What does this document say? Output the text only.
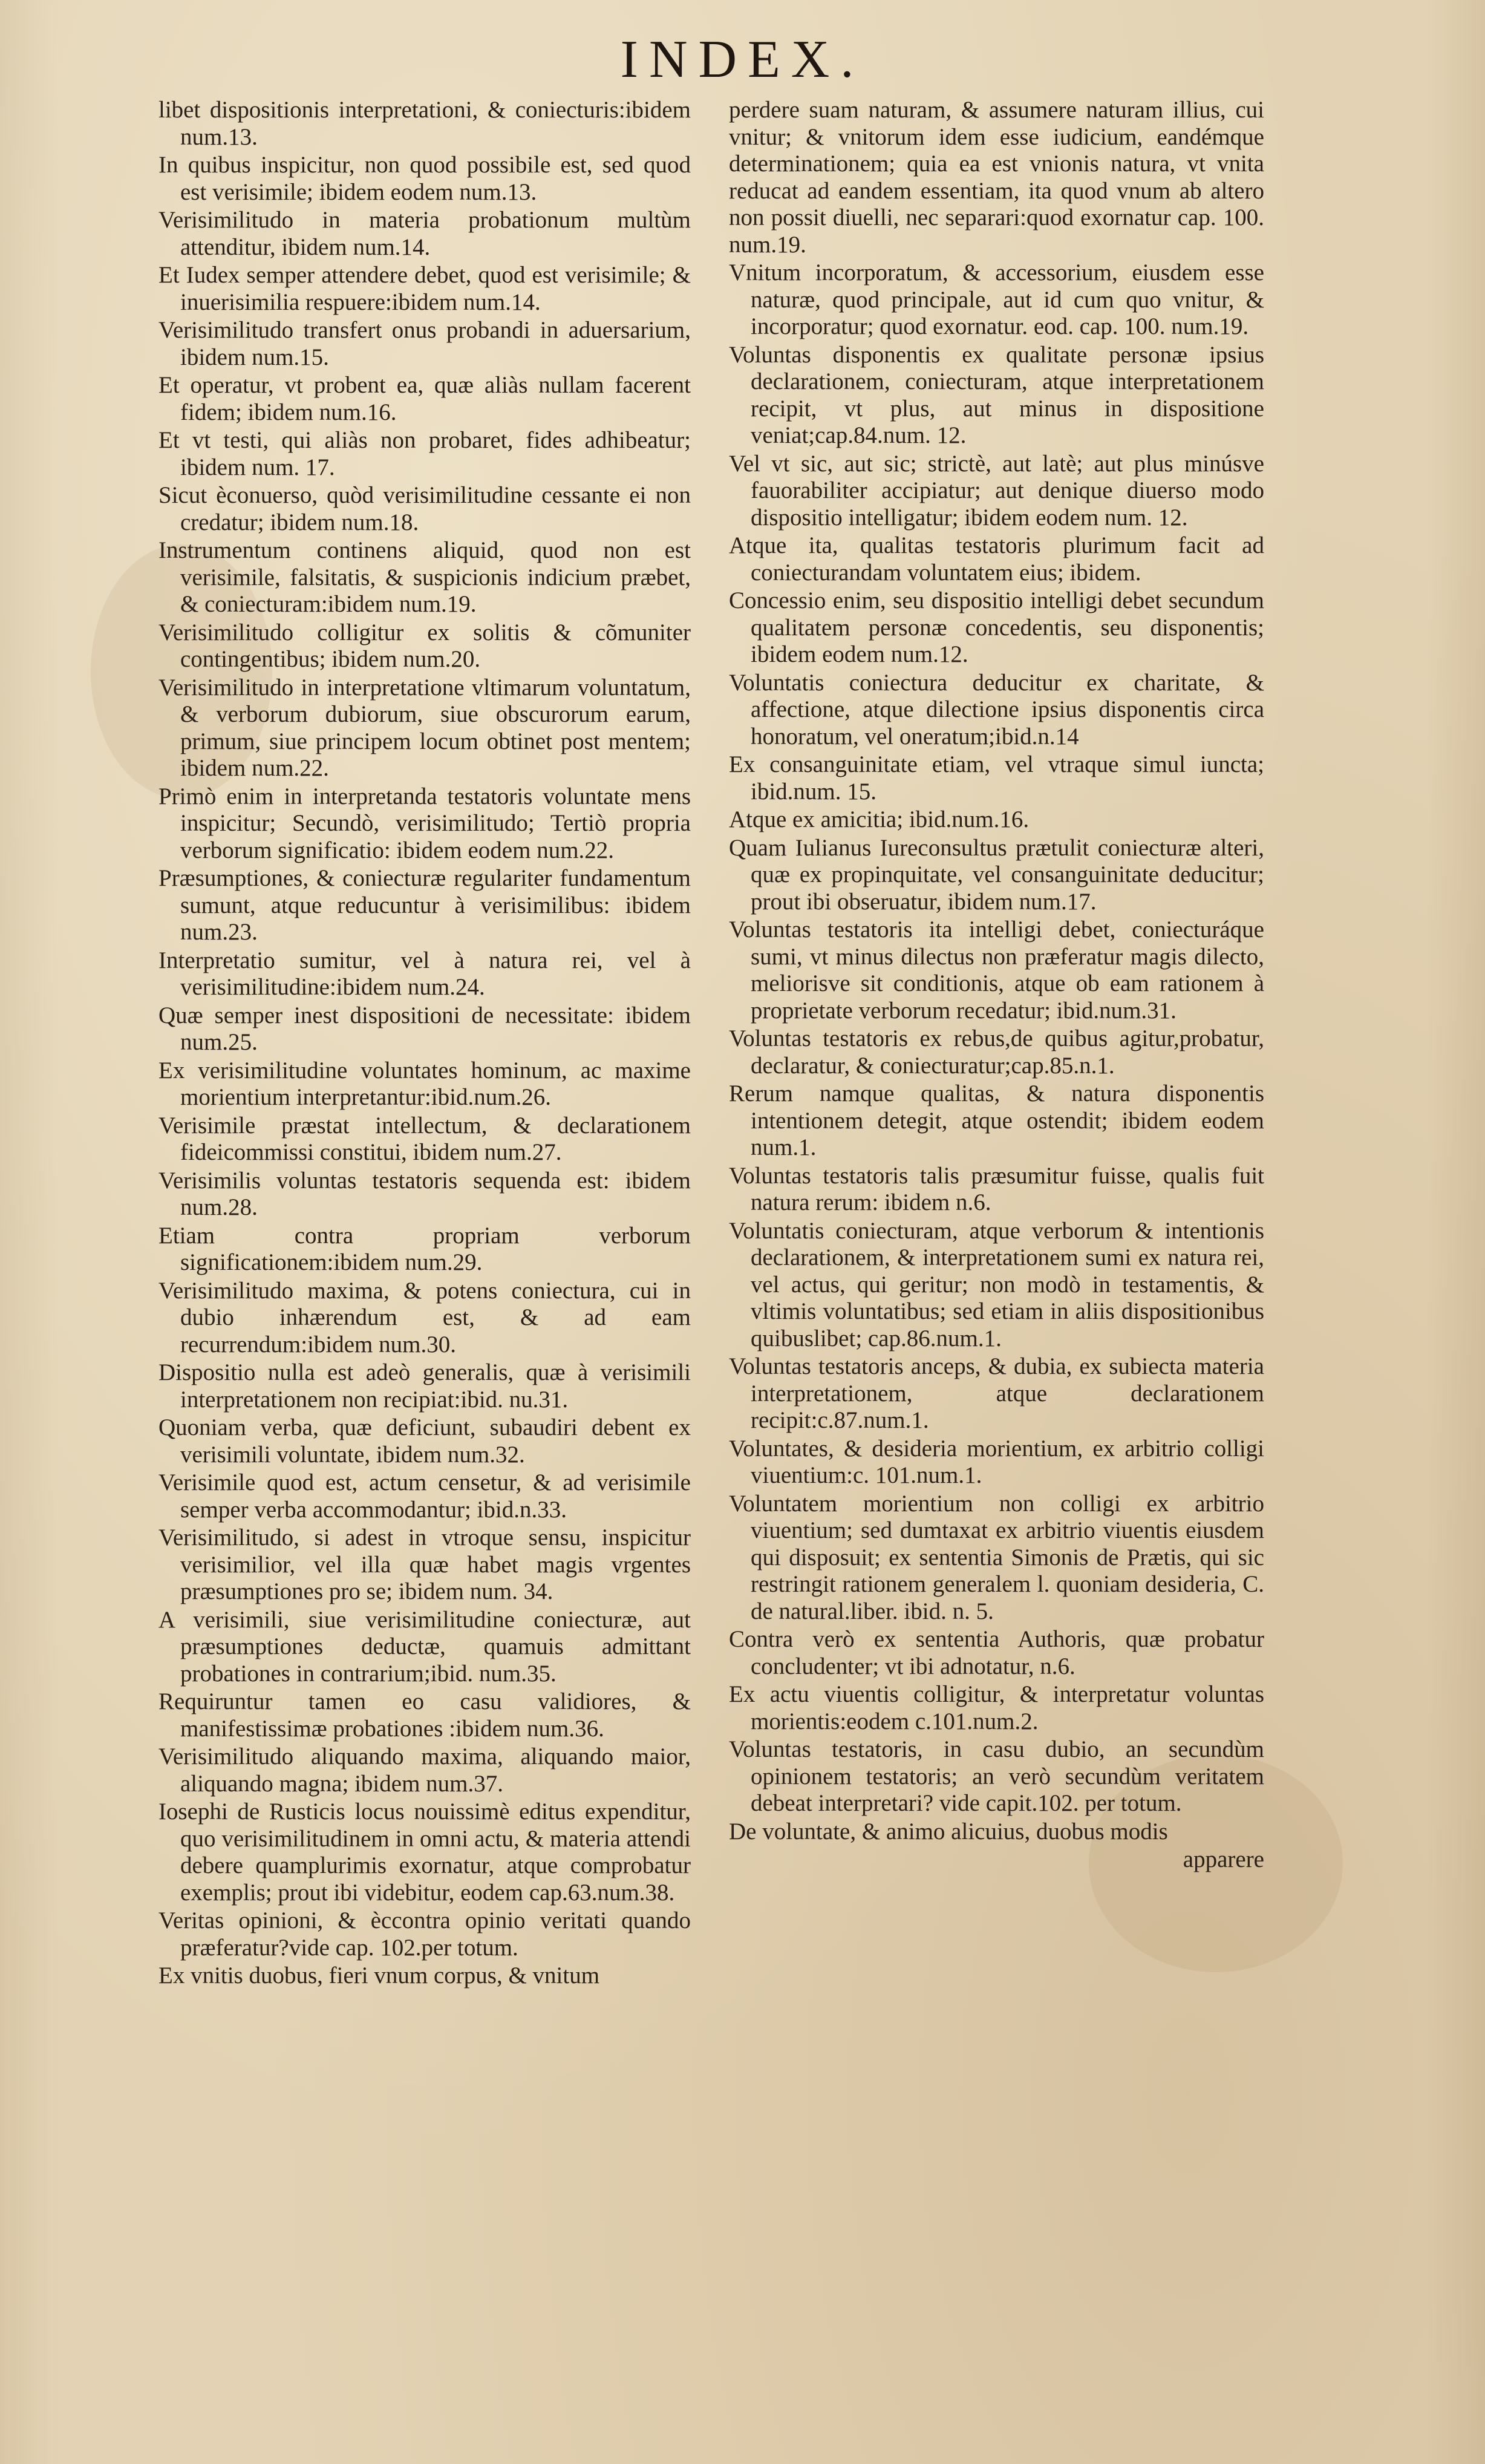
INDEX.

libet dispositionis interpretationi, & coniecturis:ibidem num.13.

In quibus inspicitur, non quod possibile est, sed quod est verisimile; ibidem eodem num.13.

Verisimilitudo in materia probationum multùm attenditur, ibidem num.14.

Et Iudex semper attendere debet, quod est verisimile; & inuerisimilia respuere:ibidem num.14.

Verisimilitudo transfert onus probandi in aduersarium, ibidem num.15.

Et operatur, vt probent ea, quæ aliàs nullam facerent fidem; ibidem num.16.

Et vt testi, qui aliàs non probaret, fides adhibeatur; ibidem num. 17.

Sicut èconuerso, quòd verisimilitudine cessante ei non credatur; ibidem num.18.

Instrumentum continens aliquid, quod non est verisimile, falsitatis, & suspicionis indicium præbet, & coniecturam:ibidem num.19.

Verisimilitudo colligitur ex solitis & cõmuniter contingentibus; ibidem num.20.

Verisimilitudo in interpretatione vltimarum voluntatum, & verborum dubiorum, siue obscurorum earum, primum, siue principem locum obtinet post mentem; ibidem num.22.

Primò enim in interpretanda testatoris voluntate mens inspicitur; Secundò, verisimilitudo; Tertiò propria verborum significatio: ibidem eodem num.22.

Præsumptiones, & coniecturæ regulariter fundamentum sumunt, atque reducuntur à verisimilibus: ibidem num.23.

Interpretatio sumitur, vel à natura rei, vel à verisimilitudine:ibidem num.24.

Quæ semper inest dispositioni de necessitate: ibidem num.25.

Ex verisimilitudine voluntates hominum, ac maxime morientium interpretantur:ibid.num.26.

Verisimile præstat intellectum, & declarationem fideicommissi constitui, ibidem num.27.

Verisimilis voluntas testatoris sequenda est: ibidem num.28.

Etiam contra propriam verborum significationem:ibidem num.29.

Verisimilitudo maxima, & potens coniectura, cui in dubio inhærendum est, & ad eam recurrendum:ibidem num.30.

Dispositio nulla est adeò generalis, quæ à verisimili interpretationem non recipiat:ibid. nu.31.

Quoniam verba, quæ deficiunt, subaudiri debent ex verisimili voluntate, ibidem num.32.

Verisimile quod est, actum censetur, & ad verisimile semper verba accommodantur; ibid.n.33.

Verisimilitudo, si adest in vtroque sensu, inspicitur verisimilior, vel illa quæ habet magis vrgentes præsumptiones pro se; ibidem num. 34.

A verisimili, siue verisimilitudine coniecturæ, aut præsumptiones deductæ, quamuis admittant probationes in contrarium;ibid. num.35.

Requiruntur tamen eo casu validiores, & manifestissimæ probationes :ibidem num.36.

Verisimilitudo aliquando maxima, aliquando maior, aliquando magna; ibidem num.37.

Iosephi de Rusticis locus nouissimè editus expenditur, quo verisimilitudinem in omni actu, & materia attendi debere quamplurimis exornatur, atque comprobatur exemplis; prout ibi videbitur, eodem cap.63.num.38.

Veritas opinioni, & èccontra opinio veritati quando præferatur?vide cap. 102.per totum.

Ex vnitis duobus, fieri vnum corpus, & vnitum

perdere suam naturam, & assumere naturam illius, cui vnitur; & vnitorum idem esse iudicium, eandémque determinationem; quia ea est vnionis natura, vt vnita reducat ad eandem essentiam, ita quod vnum ab altero non possit diuelli, nec separari:quod exornatur cap. 100. num.19.

Vnitum incorporatum, & accessorium, eiusdem esse naturæ, quod principale, aut id cum quo vnitur, & incorporatur; quod exornatur. eod. cap. 100. num.19.

Voluntas disponentis ex qualitate personæ ipsius declarationem, coniecturam, atque interpretationem recipit, vt plus, aut minus in dispositione veniat;cap.84.num. 12.

Vel vt sic, aut sic; strictè, aut latè; aut plus minúsve fauorabiliter accipiatur; aut denique diuerso modo dispositio intelligatur; ibidem eodem num. 12.

Atque ita, qualitas testatoris plurimum facit ad coniecturandam voluntatem eius; ibidem.

Concessio enim, seu dispositio intelligi debet secundum qualitatem personæ concedentis, seu disponentis; ibidem eodem num.12.

Voluntatis coniectura deducitur ex charitate, & affectione, atque dilectione ipsius disponentis circa honoratum, vel oneratum;ibid.n.14

Ex consanguinitate etiam, vel vtraque simul iuncta; ibid.num. 15.

Atque ex amicitia; ibid.num.16.

Quam Iulianus Iureconsultus prætulit coniecturæ alteri, quæ ex propinquitate, vel consanguinitate deducitur; prout ibi obseruatur, ibidem num.17.

Voluntas testatoris ita intelligi debet, coniecturáque sumi, vt minus dilectus non præferatur magis dilecto, meliorisve sit conditionis, atque ob eam rationem à proprietate verborum recedatur; ibid.num.31.

Voluntas testatoris ex rebus,de quibus agitur,probatur, declaratur, & coniecturatur;cap.85.n.1.

Rerum namque qualitas, & natura disponentis intentionem detegit, atque ostendit; ibidem eodem num.1.

Voluntas testatoris talis præsumitur fuisse, qualis fuit natura rerum: ibidem n.6.

Voluntatis coniecturam, atque verborum & intentionis declarationem, & interpretationem sumi ex natura rei, vel actus, qui geritur; non modò in testamentis, & vltimis voluntatibus; sed etiam in aliis dispositionibus quibuslibet; cap.86.num.1.

Voluntas testatoris anceps, & dubia, ex subiecta materia interpretationem, atque declarationem recipit:c.87.num.1.

Voluntates, & desideria morientium, ex arbitrio colligi viuentium:c. 101.num.1.

Voluntatem morientium non colligi ex arbitrio viuentium; sed dumtaxat ex arbitrio viuentis eiusdem qui disposuit; ex sententia Simonis de Prætis, qui sic restringit rationem generalem l. quoniam desideria, C. de natural.liber. ibid. n. 5.

Contra verò ex sententia Authoris, quæ probatur concludenter; vt ibi adnotatur, n.6.

Ex actu viuentis colligitur, & interpretatur voluntas morientis:eodem c.101.num.2.

Voluntas testatoris, in casu dubio, an secundùm opinionem testatoris; an verò secundùm veritatem debeat interpretari? vide capit.102. per totum.

De voluntate, & animo alicuius, duobus modis

apparere
